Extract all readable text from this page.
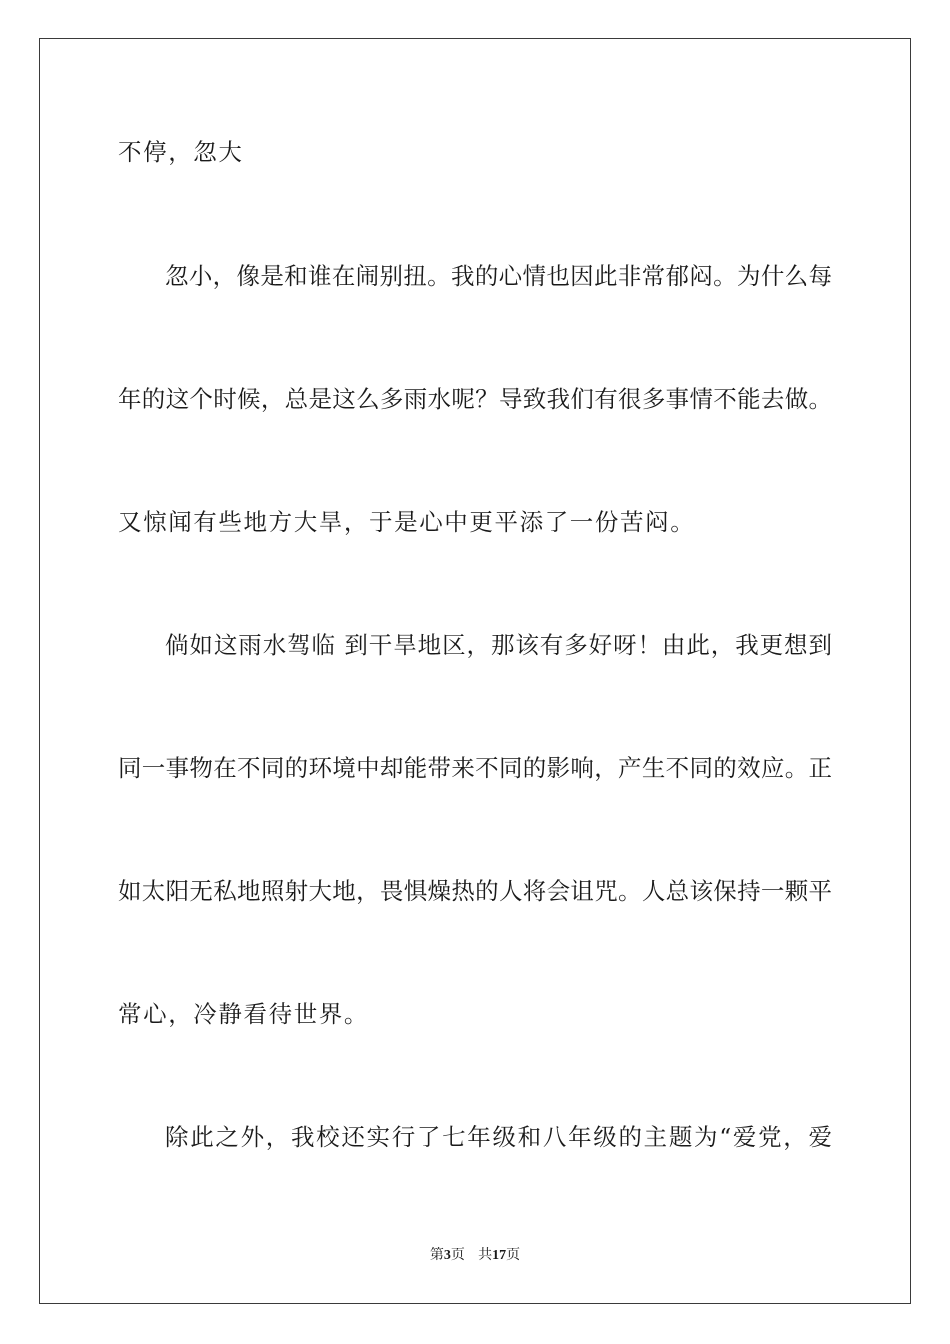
不停，忽大
忽小，像是和谁在闹别扭。我的心情也因此非常郁闷。为什么每
年的这个时候，总是这么多雨水呢？导致我们有很多事情不能去做。
又惊闻有些地方大旱，于是心中更平添了一份苦闷。
倘如这雨水驾临 到干旱地区，那该有多好呀！由此，我更想到
同一事物在不同的环境中却能带来不同的影响，产生不同的效应。正
如太阳无私地照射大地，畏惧燥热的人将会诅咒。人总该保持一颗平
常心，冷静看待世界。
除此之外，我校还实行了七年级和八年级的主题为“爱党，爱
第3页 共17页
